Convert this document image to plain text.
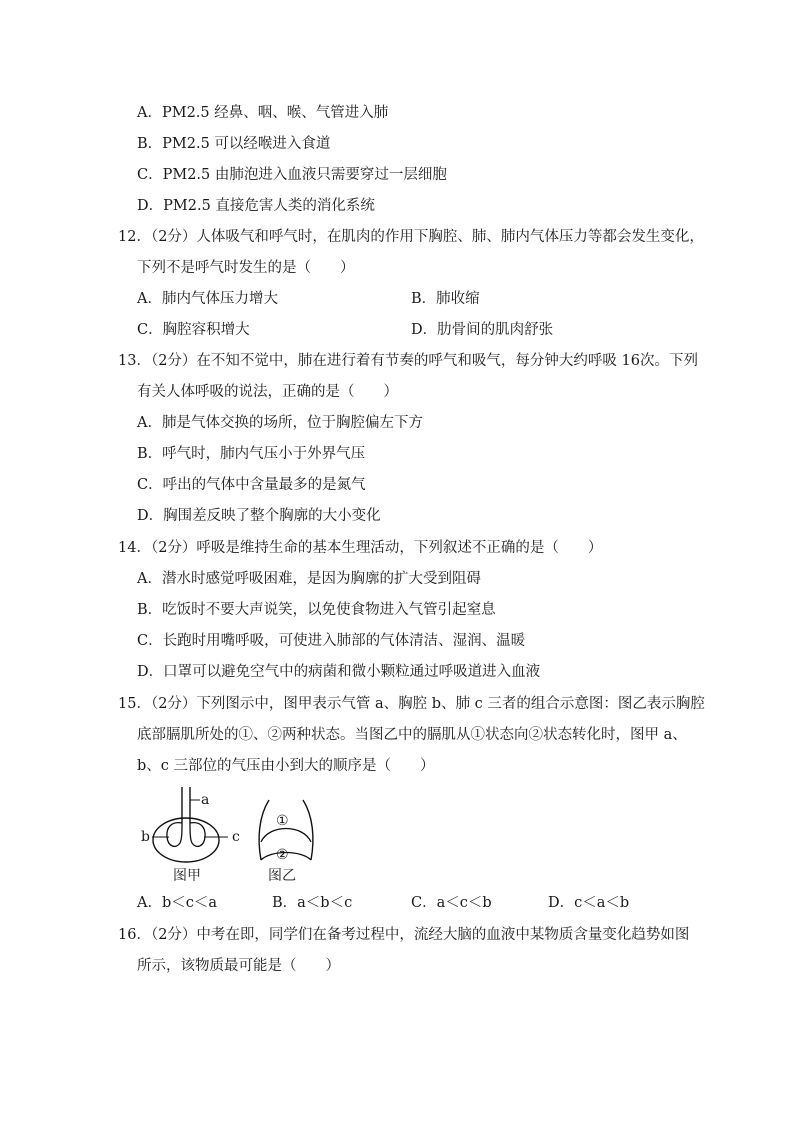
A．PM2.5 经鼻、咽、喉、气管进入肺
B．PM2.5 可以经喉进入食道
C．PM2.5 由肺泡进入血液只需要穿过一层细胞
D．PM2.5 直接危害人类的消化系统
12．（2分）人体吸气和呼气时，在肌肉的作用下胸腔、肺、肺内气体压力等都会发生变化，
下列不是呼气时发生的是（　　）
A．肺内气体压力增大	B．肺收缩
C．胸腔容积增大	D．肋骨间的肌肉舒张
13．（2分）在不知不觉中，肺在进行着有节奏的呼气和吸气，每分钟大约呼吸 16次。下列
有关人体呼吸的说法，正确的是（　　）
A．肺是气体交换的场所，位于胸腔偏左下方
B．呼气时，肺内气压小于外界气压
C．呼出的气体中含量最多的是氮气
D．胸围差反映了整个胸廓的大小变化
14．（2分）呼吸是维持生命的基本生理活动，下列叙述不正确的是（　　）
A．潜水时感觉呼吸困难，是因为胸廓的扩大受到阻碍
B．吃饭时不要大声说笑，以免使食物进入气管引起窒息
C．长跑时用嘴呼吸，可使进入肺部的气体清洁、湿润、温暖
D．口罩可以避免空气中的病菌和微小颗粒通过呼吸道进入血液
15．（2分）下列图示中，图甲表示气管 a、胸腔 b、肺 c 三者的组合示意图：图乙表示胸腔
底部膈肌所处的①、②两种状态。当图乙中的膈肌从①状态向②状态转化时，图甲 a、
b、c 三部位的气压由小到大的顺序是（　　）
a
b	c
图甲
①
②
图乙
A．b＜c＜a	B．a＜b＜c	C．a＜c＜b	D．c＜a＜b
16．（2分）中考在即，同学们在备考过程中，流经大脑的血液中某物质含量变化趋势如图
所示，该物质最可能是（　　）
